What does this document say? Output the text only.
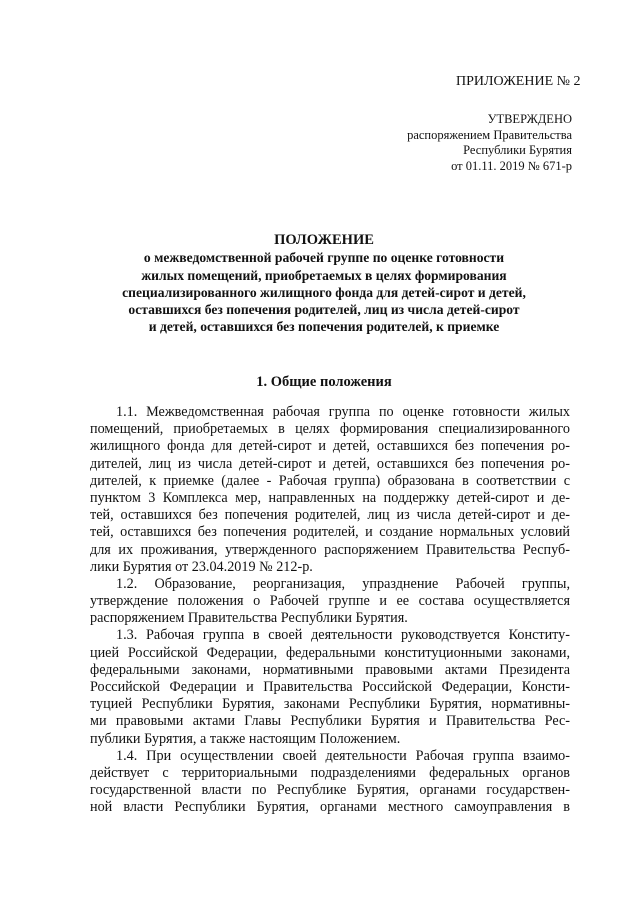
ПРИЛОЖЕНИЕ № 2
УТВЕРЖДЕНО
распоряжением Правительства
Республики Бурятия
от 01.11. 2019 № 671-р
ПОЛОЖЕНИЕ
о межведомственной рабочей группе по оценке готовности
жилых помещений, приобретаемых в целях формирования
специализированного жилищного фонда для детей-сирот и детей,
оставшихся без попечения родителей, лиц из числа детей-сирот
и детей, оставшихся без попечения родителей, к приемке
1. Общие положения
1.1. Межведомственная рабочая группа по оценке готовности жилых
помещений, приобретаемых в целях формирования специализированного
жилищного фонда для детей-сирот и детей, оставшихся без попечения ро-
дителей, лиц из числа детей-сирот и детей, оставшихся без попечения ро-
дителей, к приемке (далее - Рабочая группа) образована в соответствии с
пунктом 3 Комплекса мер, направленных на поддержку детей-сирот и де-
тей, оставшихся без попечения родителей, лиц из числа детей-сирот и де-
тей, оставшихся без попечения родителей, и создание нормальных условий
для их проживания, утвержденного распоряжением Правительства Респуб-
лики Бурятия от 23.04.2019 № 212-р.
1.2. Образование, реорганизация, упразднение Рабочей группы,
утверждение положения о Рабочей группе и ее состава осуществляется
распоряжением Правительства Республики Бурятия.
1.3. Рабочая группа в своей деятельности руководствуется Конститу-
цией Российской Федерации, федеральными конституционными законами,
федеральными законами, нормативными правовыми актами Президента
Российской Федерации и Правительства Российской Федерации, Консти-
туцией Республики Бурятия, законами Республики Бурятия, нормативны-
ми правовыми актами Главы Республики Бурятия и Правительства Рес-
публики Бурятия, а также настоящим Положением.
1.4. При осуществлении своей деятельности Рабочая группа взаимо-
действует с территориальными подразделениями федеральных органов
государственной власти по Республике Бурятия, органами государствен-
ной власти Республики Бурятия, органами местного самоуправления в
